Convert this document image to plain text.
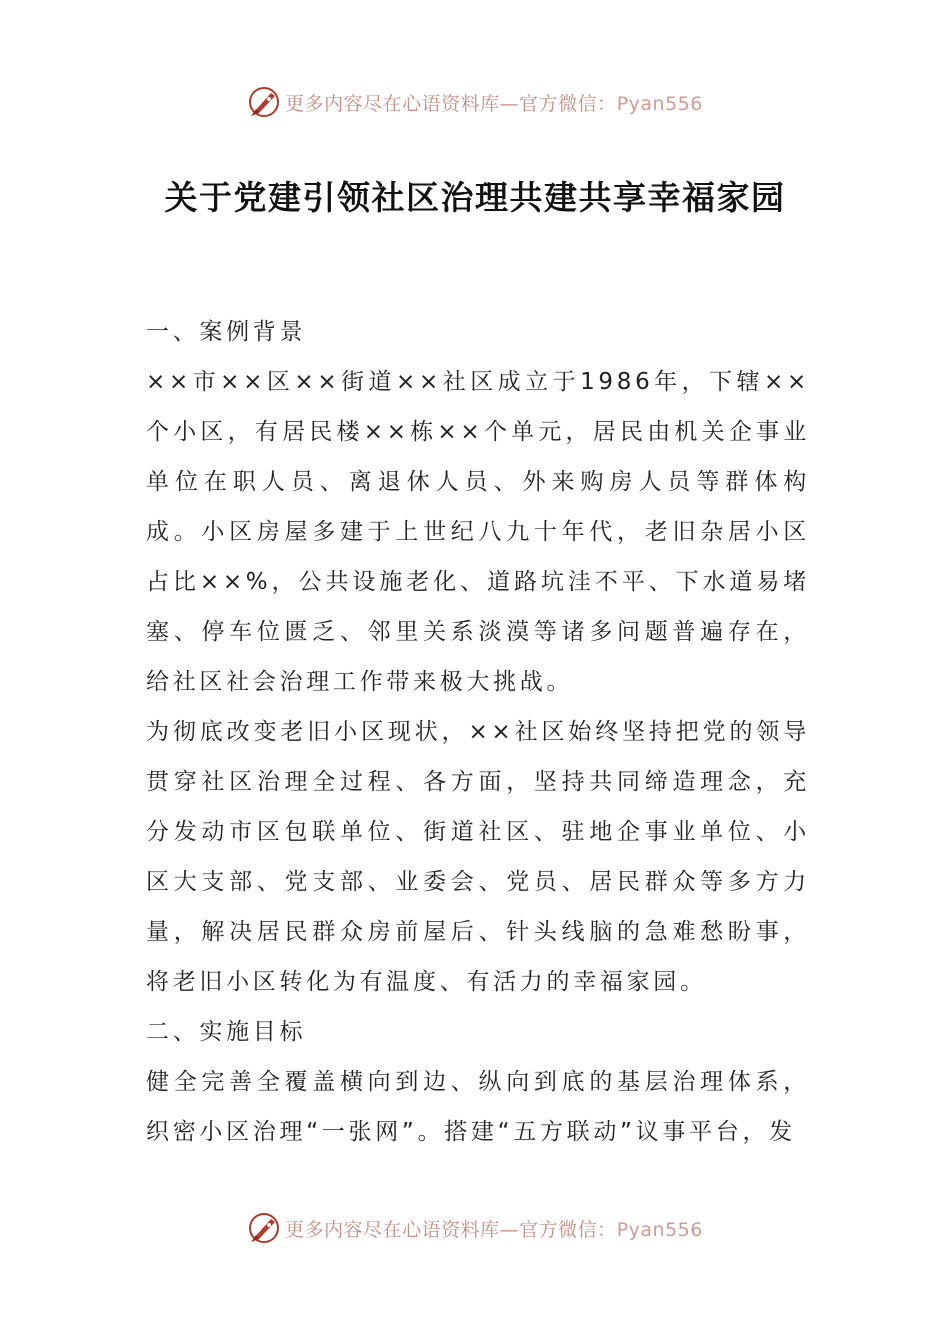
更多内容尽在心语资料库—官方微信：Pyan556
关于党建引领社区治理共建共享幸福家园

一、案例背景

××市××区××街道××社区成立于1986年，下辖××个小区，有居民楼××栋××个单元，居民由机关企事业单位在职人员、离退休人员、外来购房人员等群体构成。小区房屋多建于上世纪八九十年代，老旧杂居小区占比××%，公共设施老化、道路坑洼不平、下水道易堵塞、停车位匮乏、邻里关系淡漠等诸多问题普遍存在，给社区社会治理工作带来极大挑战。

为彻底改变老旧小区现状，××社区始终坚持把党的领导贯穿社区治理全过程、各方面，坚持共同缔造理念，充分发动市区包联单位、街道社区、驻地企事业单位、小区大支部、党支部、业委会、党员、居民群众等多方力量，解决居民群众房前屋后、针头线脑的急难愁盼事，将老旧小区转化为有温度、有活力的幸福家园。

二、实施目标

健全完善全覆盖横向到边、纵向到底的基层治理体系，织密小区治理“一张网”。搭建“五方联动”议事平台，发

更多内容尽在心语资料库—官方微信：Pyan556
